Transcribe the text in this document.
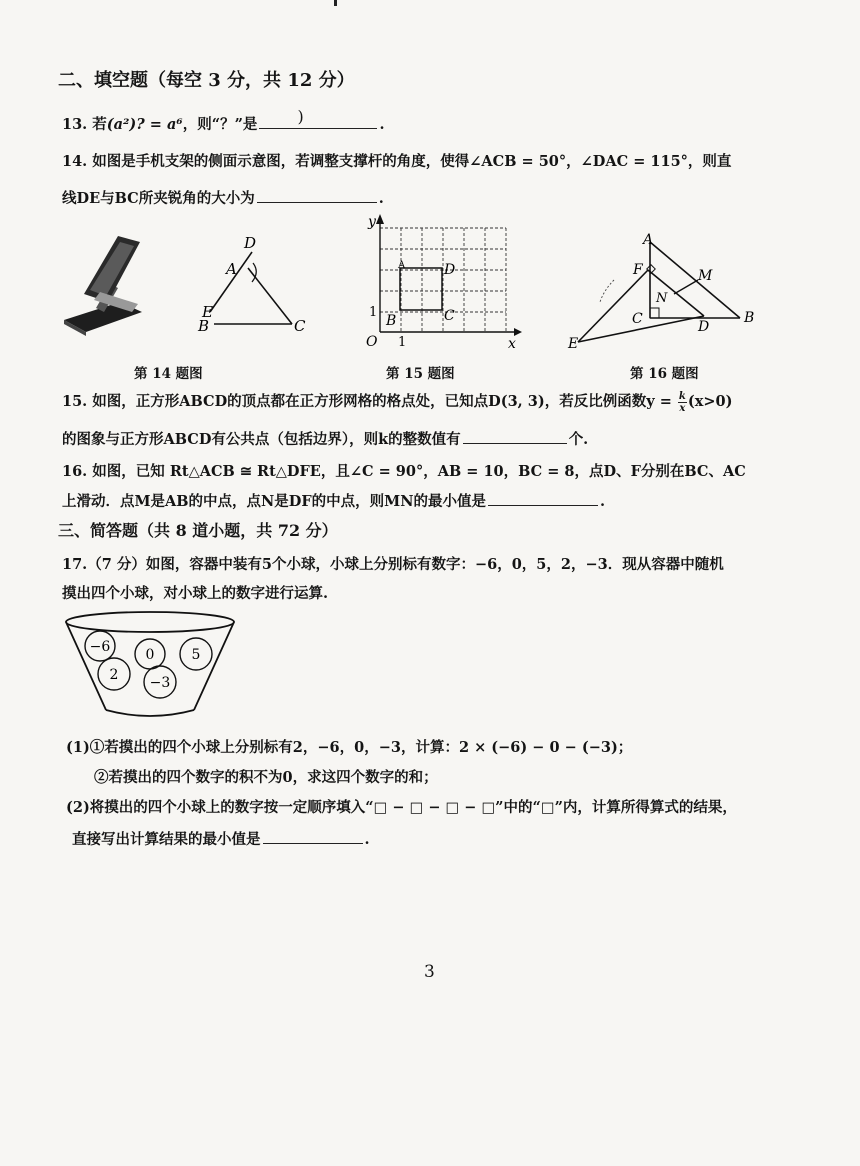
二、填空题（每空 3 分，共 12 分）
13. 若(a²)? = a⁶，则“？”是	)	.
14. 如图是手机支架的侧面示意图，若调整支撑杆的角度，使得∠ACB = 50°，∠DAC = 115°，则直
线DE与BC所夹锐角的大小为	.
D
A
E
B	C
y
A	D
B	C
1
1
O	x
A
F	M
N
C	D
B
E
第 14 题图	第 15 题图	第 16 题图
15. 如图，正方形ABCD的顶点都在正方形网格的格点处，已知点D(3, 3)，若反比例函数$y = \frac{k}{x} (x>0)$
的图象与正方形ABCD有公共点（包括边界），则k的整数值有	个.
16. 如图，已知 Rt△ACB ≅ Rt△DFE，且∠C = 90°，AB = 10，BC = 8，点D、F分别在BC、AC
上滑动．点M是AB的中点，点N是DF的中点，则MN的最小值是	.
三、简答题（共 8 道小题，共 72 分）
17.（7 分）如图，容器中装有5个小球，小球上分别标有数字：−6，0，5，2，−3．现从容器中随机
摸出四个小球，对小球上的数字进行运算.
−6	0	5
2 −3
(1)①若摸出的四个小球上分别标有2，−6，0，−3，计算：2 × (−6) − 0 − (−3)；
②若摸出的四个数字的积不为0，求这四个数字的和；
(2)将摸出的四个小球上的数字按一定顺序填入“□ − □ − □ − □”中的“□”内，计算所得算式的结果，
直接写出计算结果的最小值是	.
3
